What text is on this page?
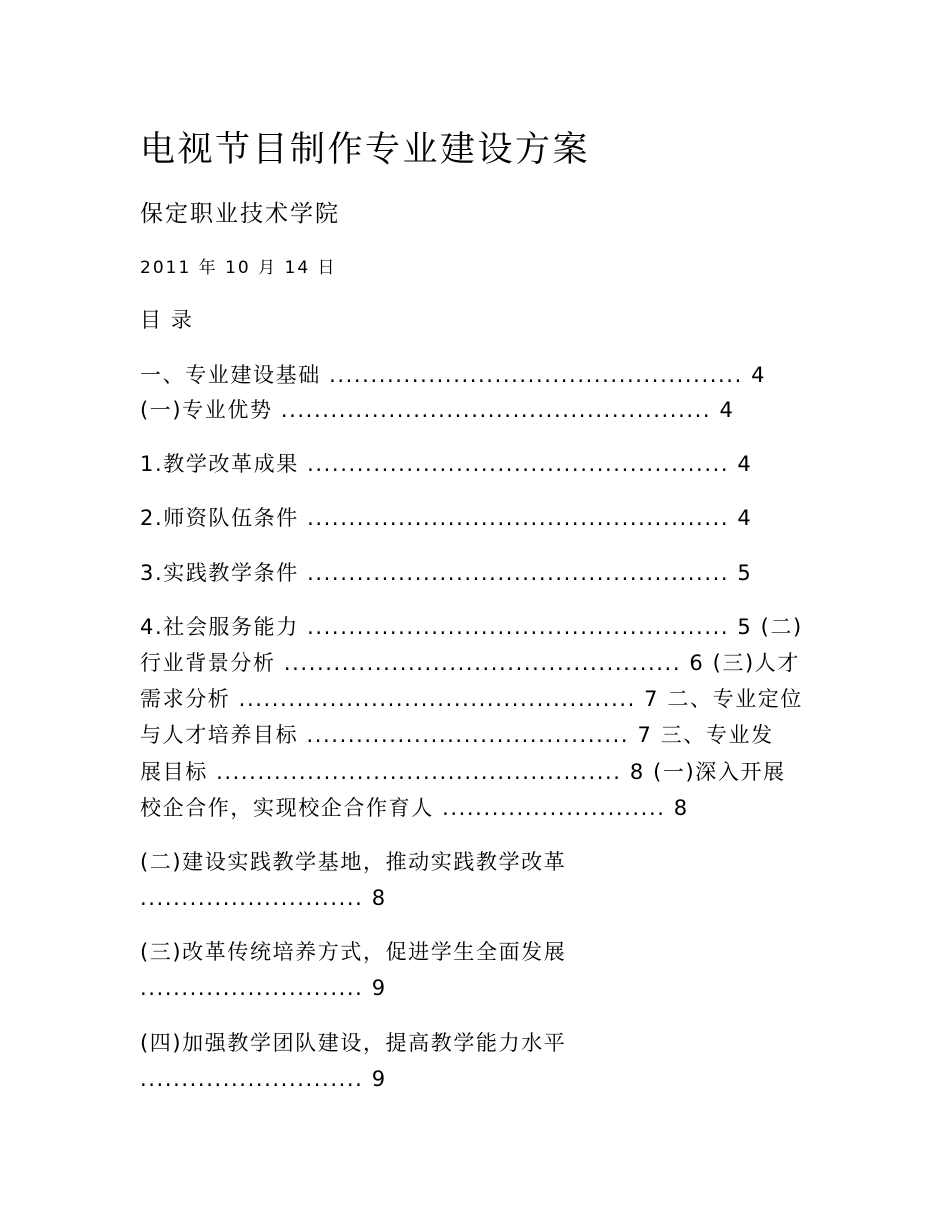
电视节目制作专业建设方案
保定职业技术学院
2011 年 10 月 14 日
目 录
一、专业建设基础 .................................................. 4
(一)专业优势 .................................................... 4
1.教学改革成果 ................................................... 4
2.师资队伍条件 ................................................... 4
3.实践教学条件 ................................................... 5
4.社会服务能力 ................................................... 5 (二)
行业背景分析 ................................................ 6 (三)人才
需求分析 ................................................ 7 二、专业定位
与人才培养目标 ....................................... 7 三、专业发
展目标 ................................................. 8 (一)深入开展
校企合作，实现校企合作育人 ........................... 8
(二)建设实践教学基地，推动实践教学改革
........................... 8
(三)改革传统培养方式，促进学生全面发展
........................... 9
(四)加强教学团队建设，提高教学能力水平
........................... 9
